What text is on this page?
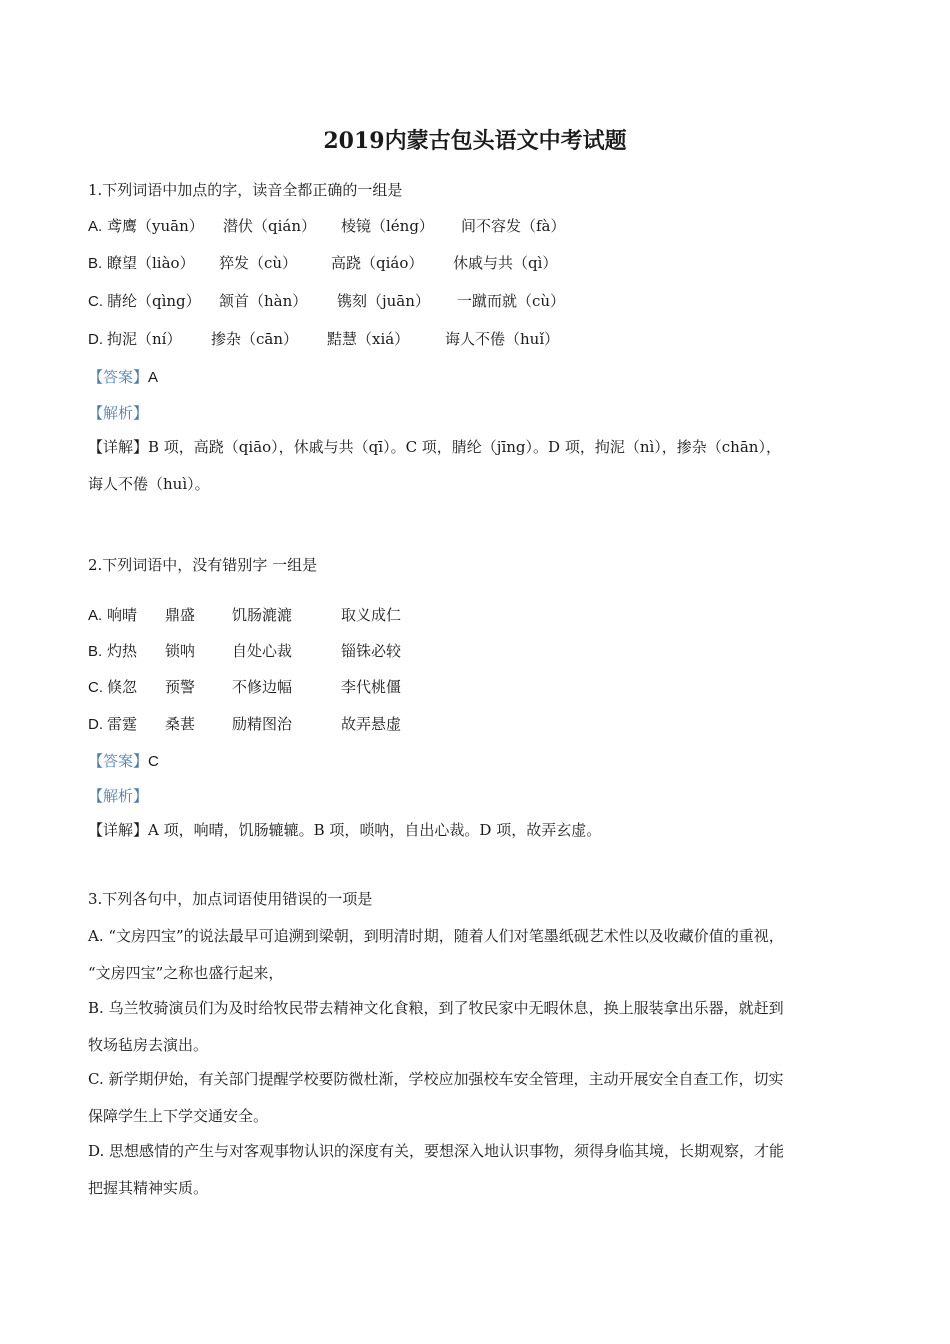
2019内蒙古包头语文中考试题
1.下列词语中加点的字，读音全都正确的一组是
A. 鸢鹰（yuān） 潜伏（qián） 棱镜（léng） 间不容发（fà）
B. 瞭望（liào） 猝发（cù） 高跷（qiáo） 休戚与共（qì）
C. 腈纶（qìng） 颔首（hàn） 镌刻（juān） 一蹴而就（cù）
D. 拘泥（ní） 掺杂（cān） 黠慧（xiá） 诲人不倦（huǐ）
【答案】A
【解析】
【详解】B 项，高跷（qiāo），休戚与共（qī）。C 项，腈纶（jīng）。D 项，拘泥（nì），掺杂（chān），
诲人不倦（huì）。
2.下列词语中，没有错别字 一组是
A. 响晴 鼎盛 饥肠漉漉	取义成仁
B. 灼热 锁呐 自处心裁	锱铢必较
C. 倏忽 预警 不修边幅	李代桃僵
D. 雷霆 桑葚 励精图治	故弄悬虚
【答案】C
【解析】
【详解】A 项，响晴，饥肠辘辘。B 项，唢呐，自出心裁。D 项，故弄玄虚。
3.下列各句中，加点词语使用错误的一项是
A. “文房四宝”的说法最早可追溯到梁朝，到明清时期，随着人们对笔墨纸砚艺术性以及收藏价值的重视，
“文房四宝”之称也盛行起来，
B. 乌兰牧骑演员们为及时给牧民带去精神文化食粮，到了牧民家中无暇休息，换上服装拿出乐器，就赶到
牧场毡房去演出。
C. 新学期伊始，有关部门提醒学校要防微杜渐，学校应加强校车安全管理，主动开展安全自查工作，切实
保障学生上下学交通安全。
D. 思想感情的产生与对客观事物认识的深度有关，要想深入地认识事物，须得身临其境，长期观察，才能
把握其精神实质。
